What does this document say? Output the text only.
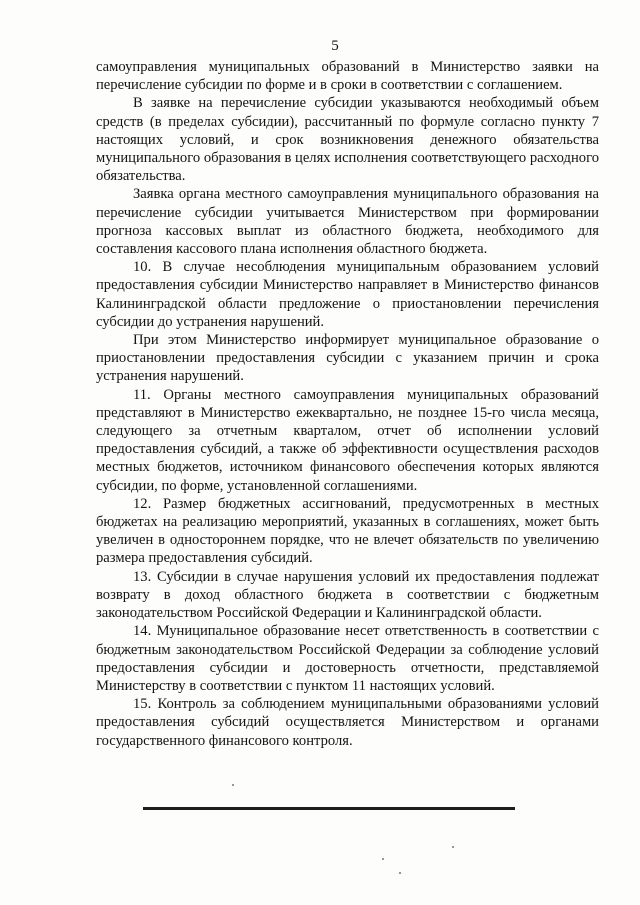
5

самоуправления муниципальных образований в Министерство заявки на перечисление субсидии по форме и в сроки в соответствии с соглашением.

В заявке на перечисление субсидии указываются необходимый объем средств (в пределах субсидии), рассчитанный по формуле согласно пункту 7 настоящих условий, и срок возникновения денежного обязательства муниципального образования в целях исполнения соответствующего расходного обязательства.

Заявка органа местного самоуправления муниципального образования на перечисление субсидии учитывается Министерством при формировании прогноза кассовых выплат из областного бюджета, необходимого для составления кассового плана исполнения областного бюджета.

10. В случае несоблюдения муниципальным образованием условий предоставления субсидии Министерство направляет в Министерство финансов Калининградской области предложение о приостановлении перечисления субсидии до устранения нарушений.

При этом Министерство информирует муниципальное образование о приостановлении предоставления субсидии с указанием причин и срока устранения нарушений.

11. Органы местного самоуправления муниципальных образований представляют в Министерство ежеквартально, не позднее 15-го числа месяца, следующего за отчетным кварталом, отчет об исполнении условий предоставления субсидий, а также об эффективности осуществления расходов местных бюджетов, источником финансового обеспечения которых являются субсидии, по форме, установленной соглашениями.

12. Размер бюджетных ассигнований, предусмотренных в местных бюджетах на реализацию мероприятий, указанных в соглашениях, может быть увеличен в одностороннем порядке, что не влечет обязательств по увеличению размера предоставления субсидий.

13. Субсидии в случае нарушения условий их предоставления подлежат возврату в доход областного бюджета в соответствии с бюджетным законодательством Российской Федерации и Калининградской области.

14. Муниципальное образование несет ответственность в соответствии с бюджетным законодательством Российской Федерации за соблюдение условий предоставления субсидии и достоверность отчетности, представляемой Министерству в соответствии с пунктом 11 настоящих условий.

15. Контроль за соблюдением муниципальными образованиями условий предоставления субсидий осуществляется Министерством и органами государственного финансового контроля.
